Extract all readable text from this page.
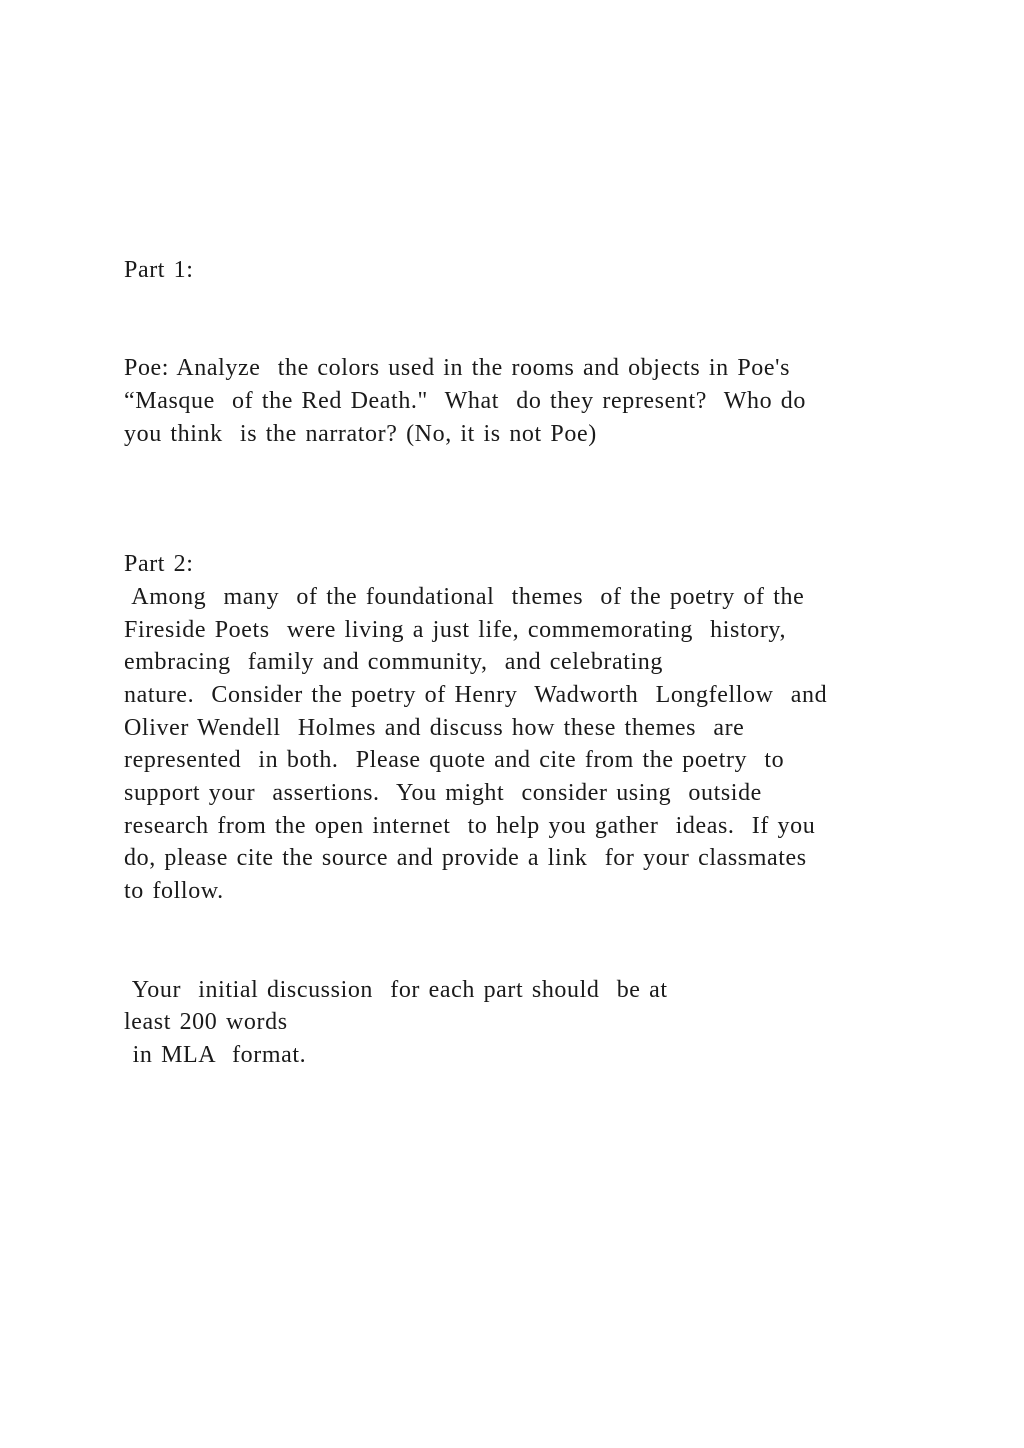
Part 1:

Poe: Analyze  the colors used in the rooms and objects in Poe's

“Masque  of the Red Death."  What  do they represent?  Who do

you think  is the narrator? (No, it is not Poe)

Part 2:

Among  many  of the foundational  themes  of the poetry of the

Fireside Poets  were living a just life, commemorating  history,

embracing  family and community,  and celebrating

nature.  Consider the poetry of Henry  Wadworth  Longfellow  and

Oliver Wendell  Holmes and discuss how these themes  are

represented  in both.  Please quote and cite from the poetry  to

support your  assertions.  You might  consider using  outside

research from the open internet  to help you gather  ideas.  If you

do, please cite the source and provide a link  for your classmates

to follow.

Your  initial discussion  for each part should  be at

least 200 words

in MLA  format.
